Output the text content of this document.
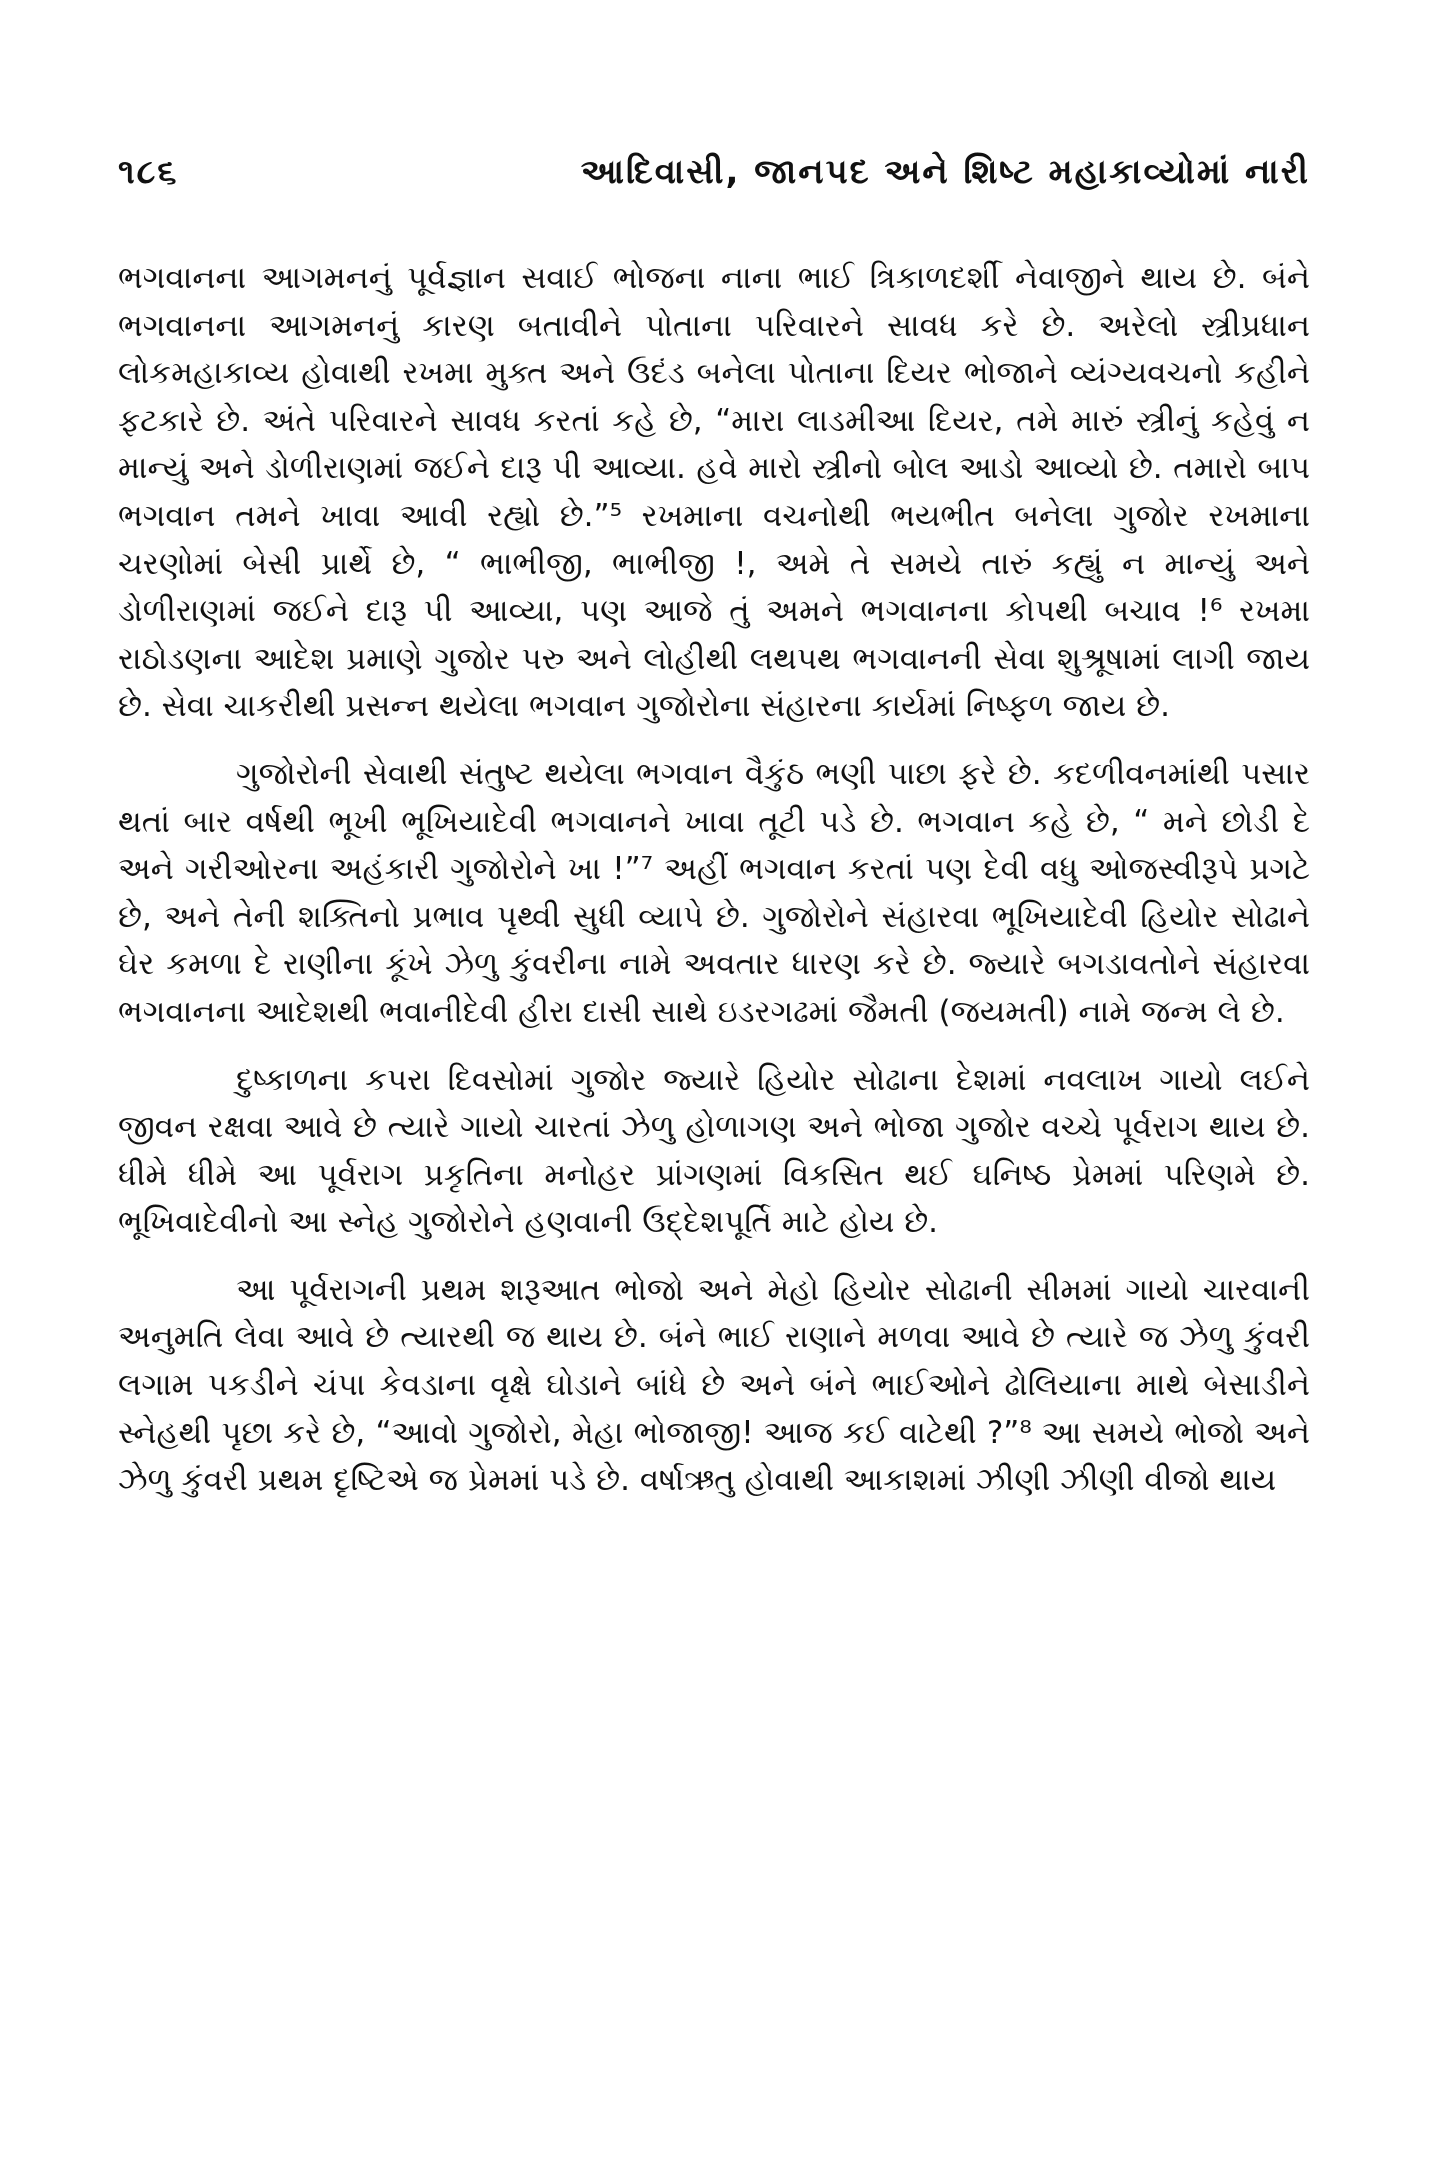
૧૮૬	આદિવાસી, જાનપદ અને શિષ્ટ મહાકાવ્યોમાં નારી

ભગવાનના આગમનનું પૂર્વજ્ઞાન સવાઈ ભોજના નાના ભાઈ ત્રિકાળદર્શી નેવાજીને થાય છે. બંને ભગવાનના આગમનનું કારણ બતાવીને પોતાના પરિવારને સાવધ કરે છે. અરેલો સ્ત્રીપ્રધાન લોકમહાકાવ્ય હોવાથી રખમા મુક્ત અને ઉદંડ બનેલા પોતાના દિયર ભોજાને વ્યંગ્યવચનો કહીને ફટકારે છે. અંતે પરિવારને સાવધ કરતાં કહે છે, “મારા લાડમીઆ દિયર, તમે મારું સ્ત્રીનું કહેવું ન માન્યું અને ડોળીરાણમાં જઈને દારૂ પી આવ્યા. હવે મારો સ્ત્રીનો બોલ આડો આવ્યો છે. તમારો બાપ ભગવાન તમને ખાવા આવી રહ્યો છે.”⁵ રખમાના વચનોથી ભયભીત બનેલા ગુજોર રખમાના ચરણોમાં બેસી પ્રાર્થે છે, “ ભાભીજી, ભાભીજી !, અમે તે સમયે તારું કહ્યું ન માન્યું અને ડોળીરાણમાં જઈને દારૂ પી આવ્યા, પણ આજે તું અમને ભગવાનના કોપથી બચાવ !⁶ રખમા રાઠોડણના આદેશ પ્રમાણે ગુજોર પરુ અને લોહીથી લથપથ ભગવાનની સેવા શુશ્રૂષામાં લાગી જાય છે. સેવા ચાકરીથી પ્રસન્ન થયેલા ભગવાન ગુજોરોના સંહારના કાર્યમાં નિષ્ફળ જાય છે.

ગુજોરોની સેવાથી સંતુષ્ટ થયેલા ભગવાન વૈકુંઠ ભણી પાછા ફરે છે. કદળીવનમાંથી પસાર થતાં બાર વર્ષથી ભૂખી ભૂખિયાદેવી ભગવાનને ખાવા તૂટી પડે છે. ભગવાન કહે છે, “ મને છોડી દે અને ગરીઓરના અહંકારી ગુજોરોને ખા !”⁷ અહીં ભગવાન કરતાં પણ દેવી વધુ ઓજસ્વીરૂપે પ્રગટે છે, અને તેની શક્તિનો પ્રભાવ પૃથ્વી સુધી વ્યાપે છે. ગુજોરોને સંહારવા ભૂખિયાદેવી હિયોર સોઢાને ઘેર કમળા દે રાણીના કૂંખે ઝેળુ કુંવરીના નામે અવતાર ધારણ કરે છે. જ્યારે બગડાવતોને સંહારવા ભગવાનના આદેશથી ભવાનીદેવી હીરા દાસી સાથે ઇડરગઢમાં જૈમતી (જયમતી) નામે જન્મ લે છે.

દુષ્કાળના કપરા દિવસોમાં ગુજોર જ્યારે હિયોર સોઢાના દેશમાં નવલાખ ગાયો લઈને જીવન રક્ષવા આવે છે ત્યારે ગાયો ચારતાં ઝેળુ હોળાગણ અને ભોજા ગુજોર વચ્ચે પૂર્વરાગ થાય છે. ધીમે ધીમે આ પૂર્વરાગ પ્રકૃતિના મનોહર પ્રાંગણમાં વિકસિત થઈ ઘનિષ્ઠ પ્રેમમાં પરિણમે છે. ભૂખિવાદેવીનો આ સ્નેહ ગુજોરોને હણવાની ઉદ્દેશપૂર્તિ માટે હોય છે.

આ પૂર્વરાગની પ્રથમ શરૂઆત ભોજો અને મેહો હિયોર સોઢાની સીમમાં ગાયો ચારવાની અનુમતિ લેવા આવે છે ત્યારથી જ થાય છે. બંને ભાઈ રાણાને મળવા આવે છે ત્યારે જ ઝેળુ કુંવરી લગામ પકડીને ચંપા કેવડાના વૃક્ષે ઘોડાને બાંધે છે અને બંને ભાઈઓને ઢોલિયાના માથે બેસાડીને સ્નેહથી પૃછા કરે છે, “આવો ગુજોરો, મેહા ભોજાજી! આજ કઈ વાટેથી ?”⁸ આ સમયે ભોજો અને ઝેળુ કુંવરી પ્રથમ દૃષ્ટિએ જ પ્રેમમાં પડે છે. વર્ષાઋતુ હોવાથી આકાશમાં ઝીણી ઝીણી વીજો થાય
